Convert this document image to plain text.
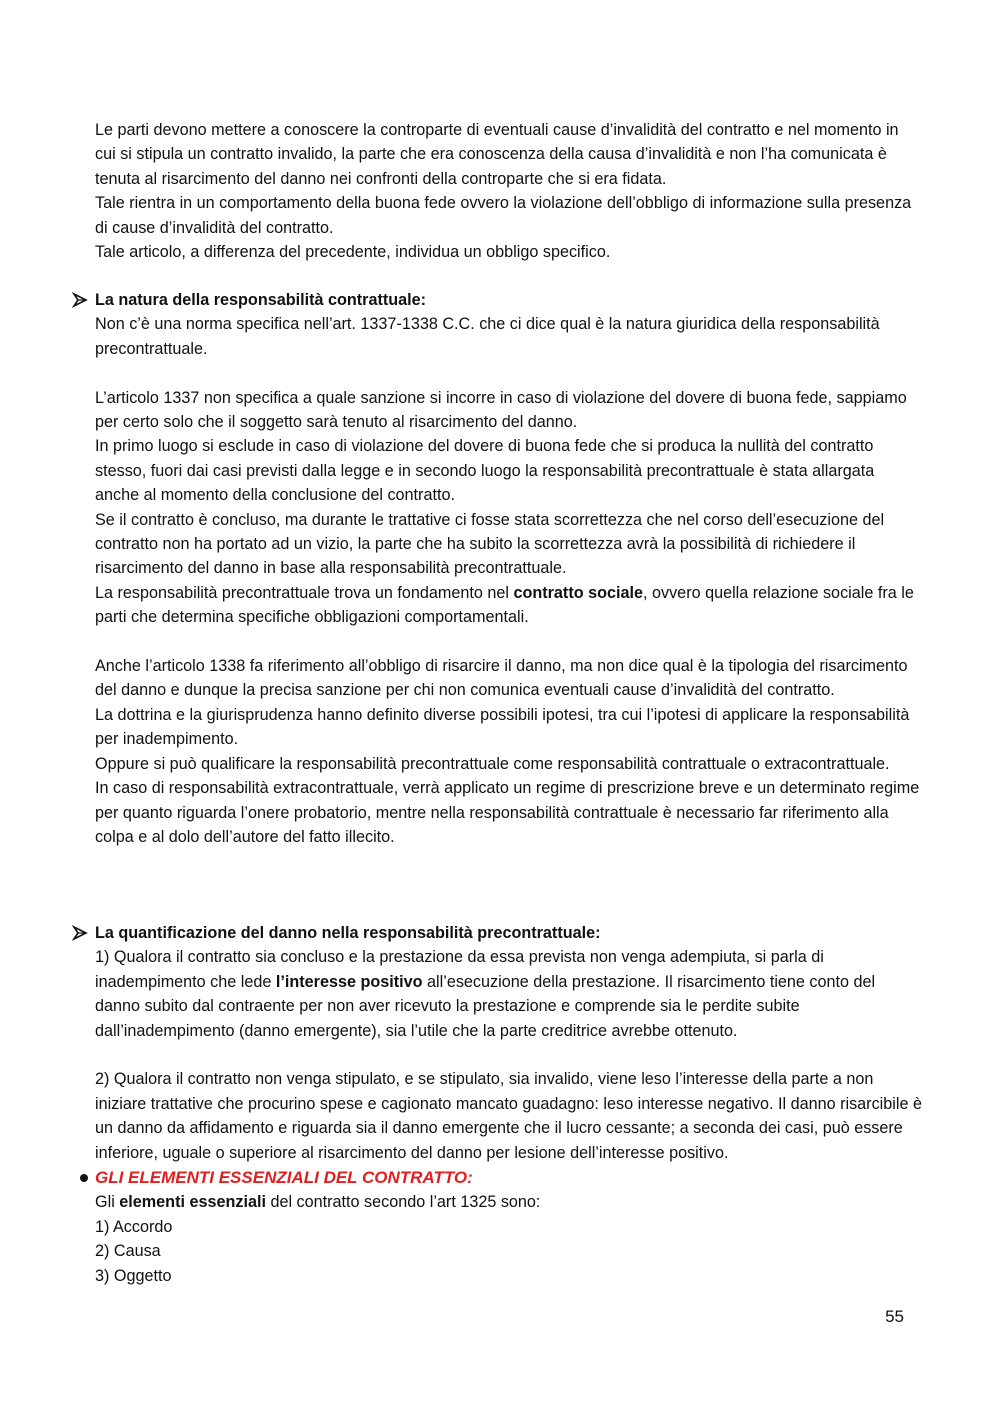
Le parti devono mettere a conoscere la controparte di eventuali cause d’invalidità del contratto e nel momento in cui si stipula un contratto invalido, la parte che era conoscenza della causa d’invalidità e non l’ha comunicata è tenuta al risarcimento del danno nei confronti della controparte che si era fidata.

Tale rientra in un comportamento della buona fede ovvero la violazione dell’obbligo di informazione sulla presenza di cause d’invalidità del contratto.

Tale articolo, a differenza del precedente, individua un obbligo specifico.

La natura della responsabilità contrattuale:

Non c’è una norma specifica nell’art. 1337-1338 C.C. che ci dice qual è la natura giuridica della responsabilità precontrattuale.

L’articolo 1337 non specifica a quale sanzione si incorre in caso di violazione del dovere di buona fede, sappiamo per certo solo che il soggetto sarà tenuto al risarcimento del danno.

In primo luogo si esclude in caso di violazione del dovere di buona fede che si produca la nullità del contratto stesso, fuori dai casi previsti dalla legge e in secondo luogo la responsabilità precontrattuale è stata allargata anche al momento della conclusione del contratto.

Se il contratto è concluso, ma durante le trattative ci fosse stata scorrettezza che nel corso dell’esecuzione del contratto non ha portato ad un vizio, la parte che ha subito la scorrettezza avrà la possibilità di richiedere il risarcimento del danno in base alla responsabilità precontrattuale.

La responsabilità precontrattuale trova un fondamento nel contratto sociale, ovvero quella relazione sociale fra le parti che determina specifiche obbligazioni comportamentali.

Anche l’articolo 1338 fa riferimento all’obbligo di risarcire il danno, ma non dice qual è la tipologia del risarcimento del danno e dunque la precisa sanzione per chi non comunica eventuali cause d’invalidità del contratto.

La dottrina e la giurisprudenza hanno definito diverse possibili ipotesi, tra cui l’ipotesi di applicare la responsabilità per inadempimento.

Oppure si può qualificare la responsabilità precontrattuale come responsabilità contrattuale o extracontrattuale.

In caso di responsabilità extracontrattuale, verrà applicato un regime di prescrizione breve e un determinato regime per quanto riguarda l’onere probatorio, mentre nella responsabilità contrattuale è necessario far riferimento alla colpa e al dolo dell’autore del fatto illecito.

La quantificazione del danno nella responsabilità precontrattuale:

1) Qualora il contratto sia concluso e la prestazione da essa prevista non venga adempiuta, si parla di inadempimento che lede l’interesse positivo all’esecuzione della prestazione. Il risarcimento tiene conto del danno subito dal contraente per non aver ricevuto la prestazione e comprende sia le perdite subite dall’inadempimento (danno emergente), sia l’utile che la parte creditrice avrebbe ottenuto.

2) Qualora il contratto non venga stipulato, e se stipulato, sia invalido, viene leso l’interesse della parte a non iniziare trattative che procurino spese e cagionato mancato guadagno: leso interesse negativo. Il danno risarcibile è un danno da affidamento e riguarda sia il danno emergente che il lucro cessante; a seconda dei casi, può essere inferiore, uguale o superiore al risarcimento del danno per lesione dell’interesse positivo.

GLI ELEMENTI ESSENZIALI DEL CONTRATTO:

Gli elementi essenziali del contratto secondo l’art 1325 sono:

1) Accordo

2) Causa

3) Oggetto

55
